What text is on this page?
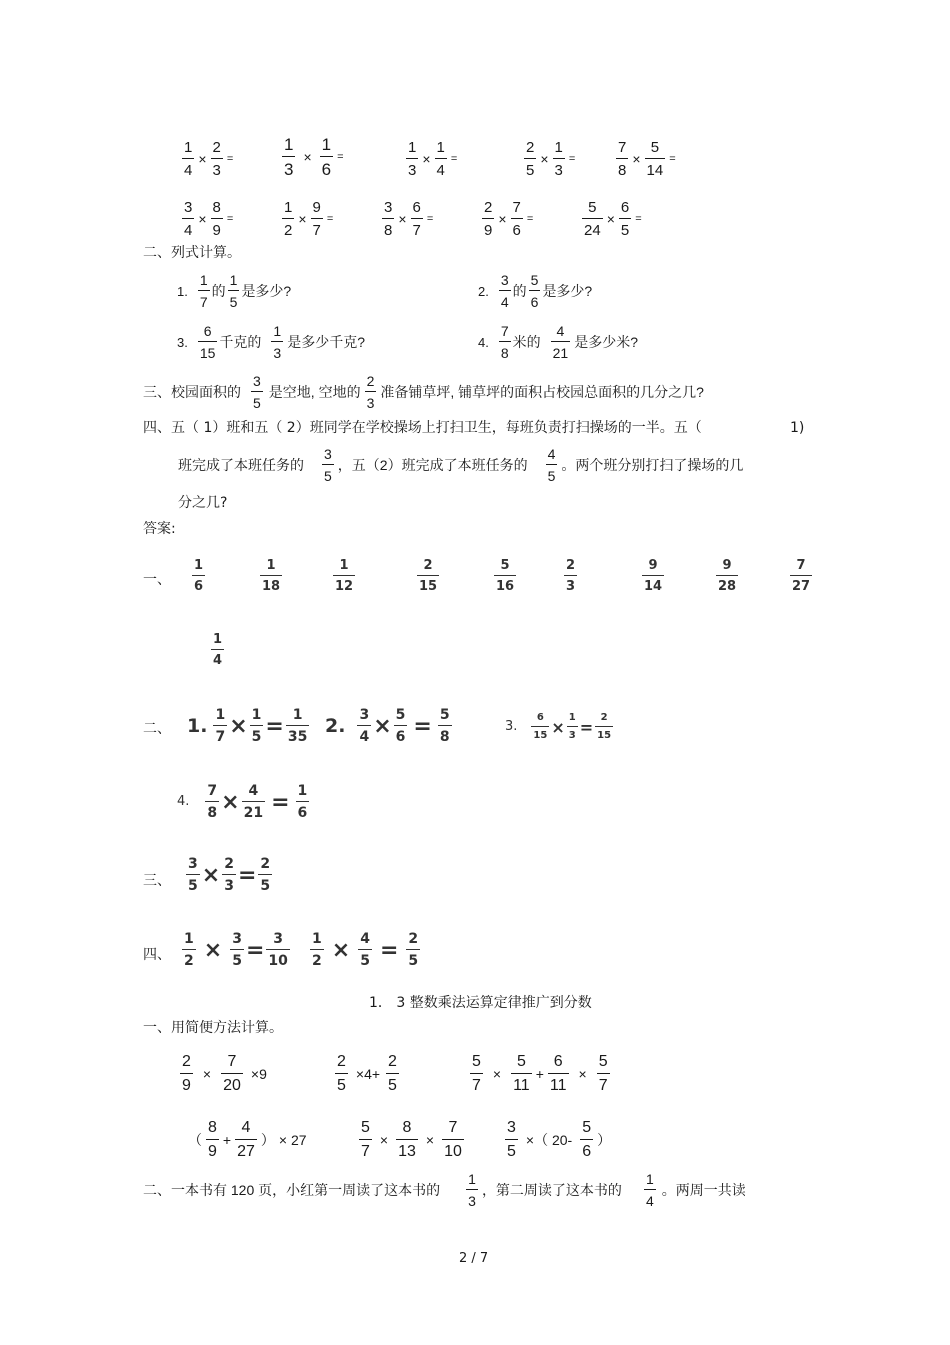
$\frac{1}{4} \times \frac{2}{3}$ =	$\frac{1}{3} \times \frac{1}{6}$ =	$\frac{1}{3} \times \frac{1}{4}$ =	$\frac{2}{5} \times \frac{1}{3}$ =	$\frac{7}{8} \times \frac{5}{14}$ =
$\frac{3}{4} \times \frac{8}{9}$ =	$\frac{1}{2} \times \frac{9}{7}$ =	$\frac{3}{8} \times \frac{6}{7}$ =	$\frac{2}{9} \times \frac{7}{6}$ =	$\frac{5}{24} \times \frac{6}{5}$ =
二、列式计算。
1. $\frac{1}{7}$ 的 $\frac{1}{5}$ 是多少?	2. $\frac{3}{4}$ 的 $\frac{5}{6}$ 是多少?
3. $\frac{6}{15}$ 千克的 $\frac{1}{3}$ 是多少千克?	4. $\frac{7}{8}$ 米的 $\frac{4}{21}$ 是多少米?
三、校园面积的 $\frac{3}{5}$ 是空地, 空地的 $\frac{2}{3}$ 准备铺草坪, 铺草坪的面积占校园总面积的几分之几?
四、五（ 1）班和五（ 2）班同学在学校操场上打扫卫生，每班负责打扫操场的一半。五（	1)
班完成了本班任务的 $\frac{3}{5}$ ，五（2）班完成了本班任务的 $\frac{4}{5}$ 。两个班分别打扫了操场的几
分之几?
答案:
一、 $\frac{1}{6}$	$\frac{1}{18}$	$\frac{1}{12}$	$\frac{2}{15}$	$\frac{5}{16}$	$\frac{2}{3}$	$\frac{9}{14}$	$\frac{9}{28}$	$\frac{7}{27}$
$\frac{1}{4}$
二、 1. $\frac{1}{7} \times \frac{1}{5} = \frac{1}{35} 2$. $\frac{3}{4} \times \frac{5}{6} = \frac{5}{8}$	3. $\frac{6}{15} \times \frac{1}{3} = \frac{2}{15}$
4. $\frac{7}{8} \times \frac{4}{21} = \frac{1}{6}$
三、 $\frac{3}{5} \times \frac{2}{3} = \frac{2}{5}$
四、 $\frac{1}{2} \times \frac{3}{5} = \frac{3}{10} \frac{1}{2} \times \frac{4}{5} = \frac{2}{5}$
1． 3 整数乘法运算定律推广到分数
一、用简便方法计算。
$\frac{2}{9} \times \frac{7}{20} \times 9$	$\frac{2}{5} \times 4+ \frac{2}{5}$	$\frac{5}{7} \times \frac{5}{11} + \frac{6}{11} \times \frac{5}{7}$
（ $\frac{8}{9} + \frac{4}{27}$ ） × 27	$\frac{5}{7} \times \frac{8}{13} \times \frac{7}{10}$	$\frac{3}{5}$ ×（ $20- \frac{5}{6}$ ）
二、一本书有 120 页，小红第一周读了这本书的 $\frac{1}{3}$ ，第二周读了这本书的 $\frac{1}{4}$ 。两周一共读
2 / 7
